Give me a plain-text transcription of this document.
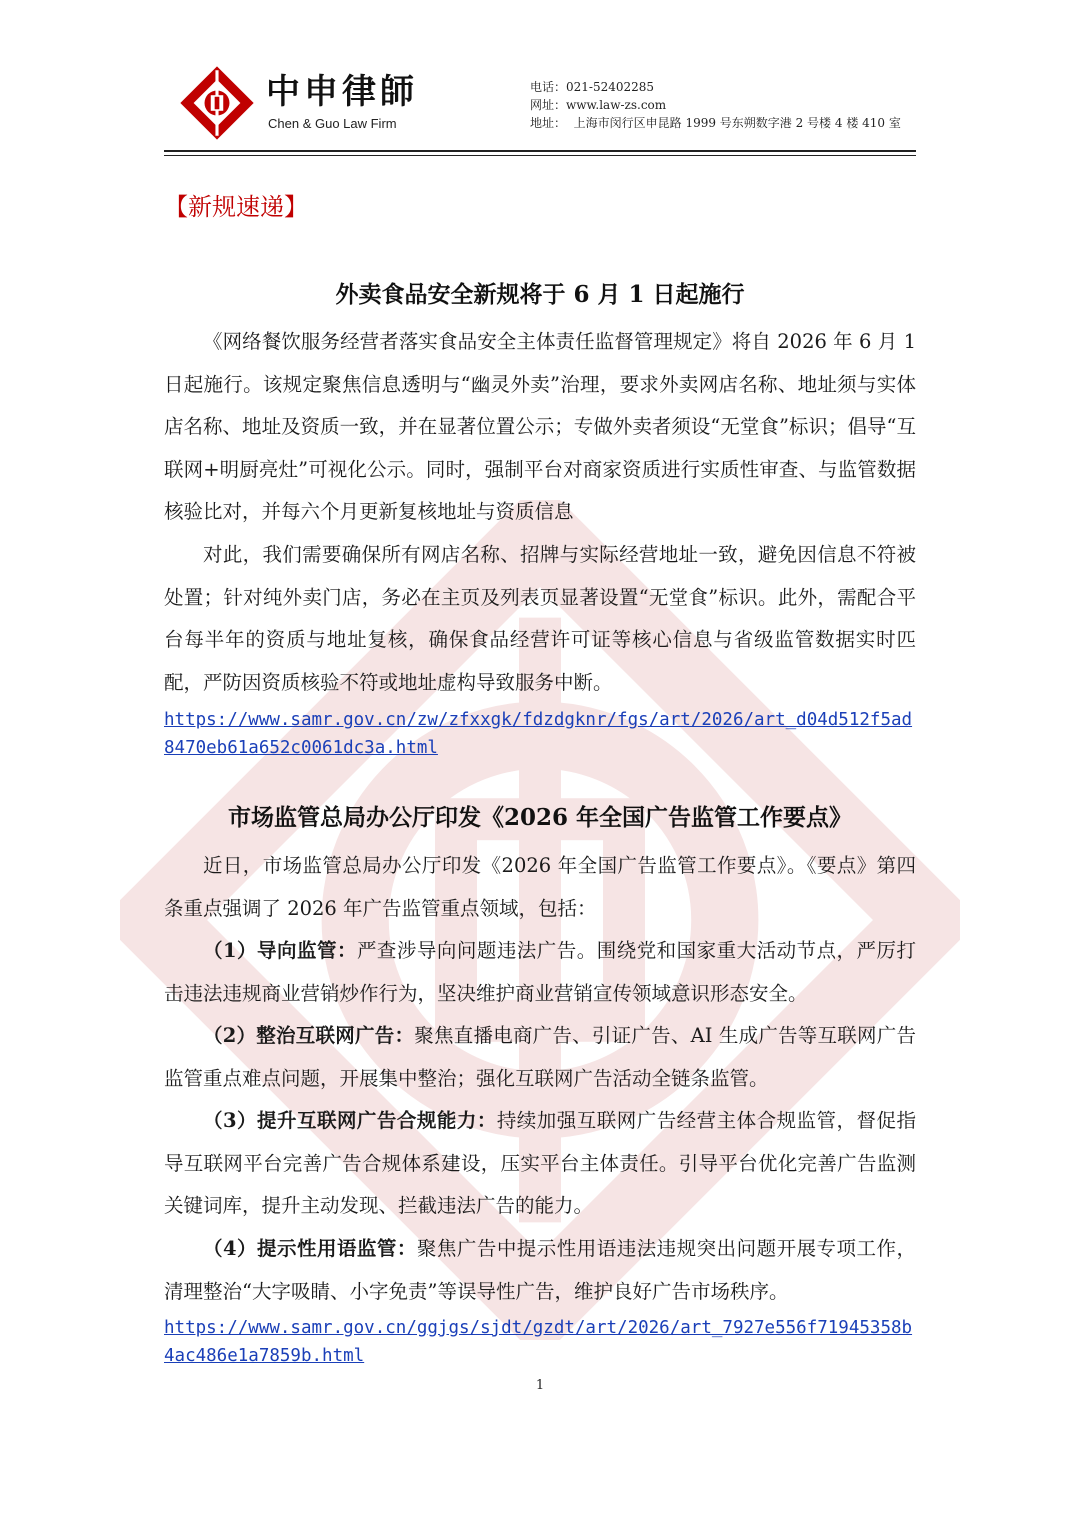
中申律師
Chen & Guo Law Firm
电话：021-52402285
网址：www.law-zs.com
地址：  上海市闵行区申昆路 1999 号东朔数字港 2 号楼 4 楼 410 室
【新规速递】
外卖食品安全新规将于 6 月 1 日起施行

《网络餐饮服务经营者落实食品安全主体责任监督管理规定》将自 2026 年 6 月 1 日起施行。该规定聚焦信息透明与“幽灵外卖”治理，要求外卖网店名称、地址须与实体店名称、地址及资质一致，并在显著位置公示；专做外卖者须设“无堂食”标识；倡导“互联网+明厨亮灶”可视化公示。同时，强制平台对商家资质进行实质性审查、与监管数据核验比对，并每六个月更新复核地址与资质信息

对此，我们需要确保所有网店名称、招牌与实际经营地址一致，避免因信息不符被处置；针对纯外卖门店，务必在主页及列表页显著设置“无堂食”标识。此外，需配合平台每半年的资质与地址复核，确保食品经营许可证等核心信息与省级监管数据实时匹配，严防因资质核验不符或地址虚构导致服务中断。

https://www.samr.gov.cn/zw/zfxxgk/fdzdgknr/fgs/art/2026/art_d04d512f5ad8470eb61a652c0061dc3a.html
市场监管总局办公厅印发《2026 年全国广告监管工作要点》

近日，市场监管总局办公厅印发《2026 年全国广告监管工作要点》。《要点》第四条重点强调了 2026 年广告监管重点领域，包括：

（1）导向监管：严查涉导向问题违法广告。围绕党和国家重大活动节点，严厉打击违法违规商业营销炒作行为，坚决维护商业营销宣传领域意识形态安全。

（2）整治互联网广告：聚焦直播电商广告、引证广告、AI 生成广告等互联网广告监管重点难点问题，开展集中整治；强化互联网广告活动全链条监管。

（3）提升互联网广告合规能力：持续加强互联网广告经营主体合规监管，督促指导互联网平台完善广告合规体系建设，压实平台主体责任。引导平台优化完善广告监测关键词库，提升主动发现、拦截违法广告的能力。

（4）提示性用语监管：聚焦广告中提示性用语违法违规突出问题开展专项工作，清理整治“大字吸睛、小字免责”等误导性广告，维护良好广告市场秩序。

https://www.samr.gov.cn/ggjgs/sjdt/gzdt/art/2026/art_7927e556f71945358b4ac486e1a7859b.html
1
